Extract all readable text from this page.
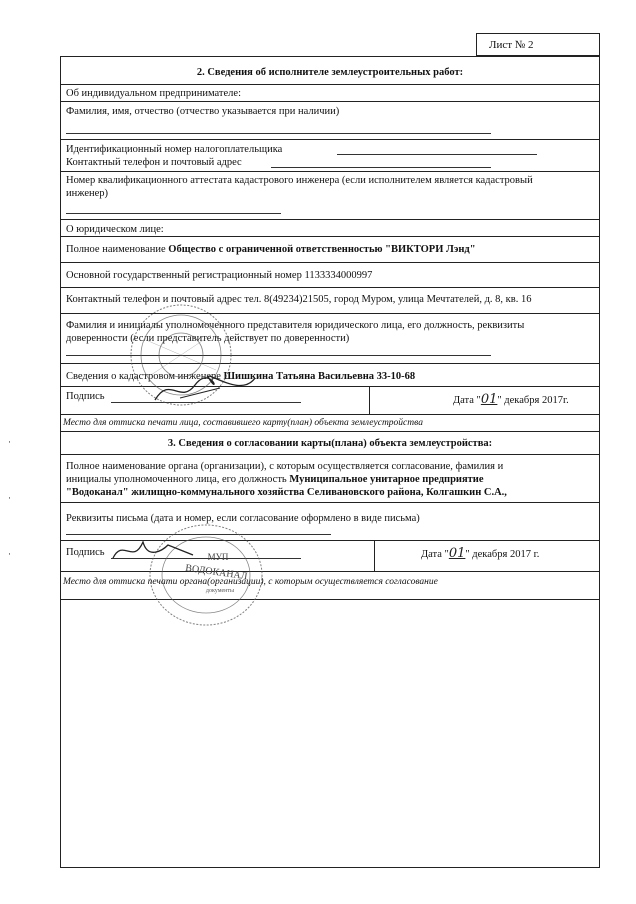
Лист № 2
2. Сведения об исполнителе землеустроительных работ:
Об индивидуальном предпринимателе:
Фамилия, имя, отчество (отчество указывается при наличии)
Идентификационный номер налогоплательщика
Контактный телефон и почтовый адрес
Номер квалификационного аттестата кадастрового инженера (если исполнителем является кадастровый
инженер)
О юридическом лице:
Полное наименование Общество с ограниченной ответственностью "ВИКТОРИ Лэнд"
Основной государственный регистрационный номер 1133334000997
Контактный телефон и почтовый адрес тел. 8(49234)21505, город Муром, улица Мечтателей, д. 8, кв. 16
Фамилия и инициалы уполномоченного представителя юридического лица, его должность, реквизиты
доверенности (если представитель действует по доверенности)
Сведения о кадастровом инженере Шишкина Татьяна Васильевна 33-10-68
Подпись	Дата "01" декабря 2017г.
Место для оттиска печати лица, составившего карту(план) объекта землеустройства
3. Сведения о согласовании карты(плана) объекта землеустройства:
Полное наименование органа (организации), с которым осуществляется согласование, фамилия и
инициалы уполномоченного лица, его должность Муниципальное унитарное предприятие
"Водоканал" жилищно-коммунального хозяйства Селивановского района, Колгашкин С.А.,
Реквизиты письма (дата и номер, если согласование оформлено в виде письма)
Подпись	Дата "01" декабря 2017 г.
Место для оттиска печати органа(организации), с которым осуществляется согласование
МУП
ВОДОКАНАЛ
документы
·
·
·
